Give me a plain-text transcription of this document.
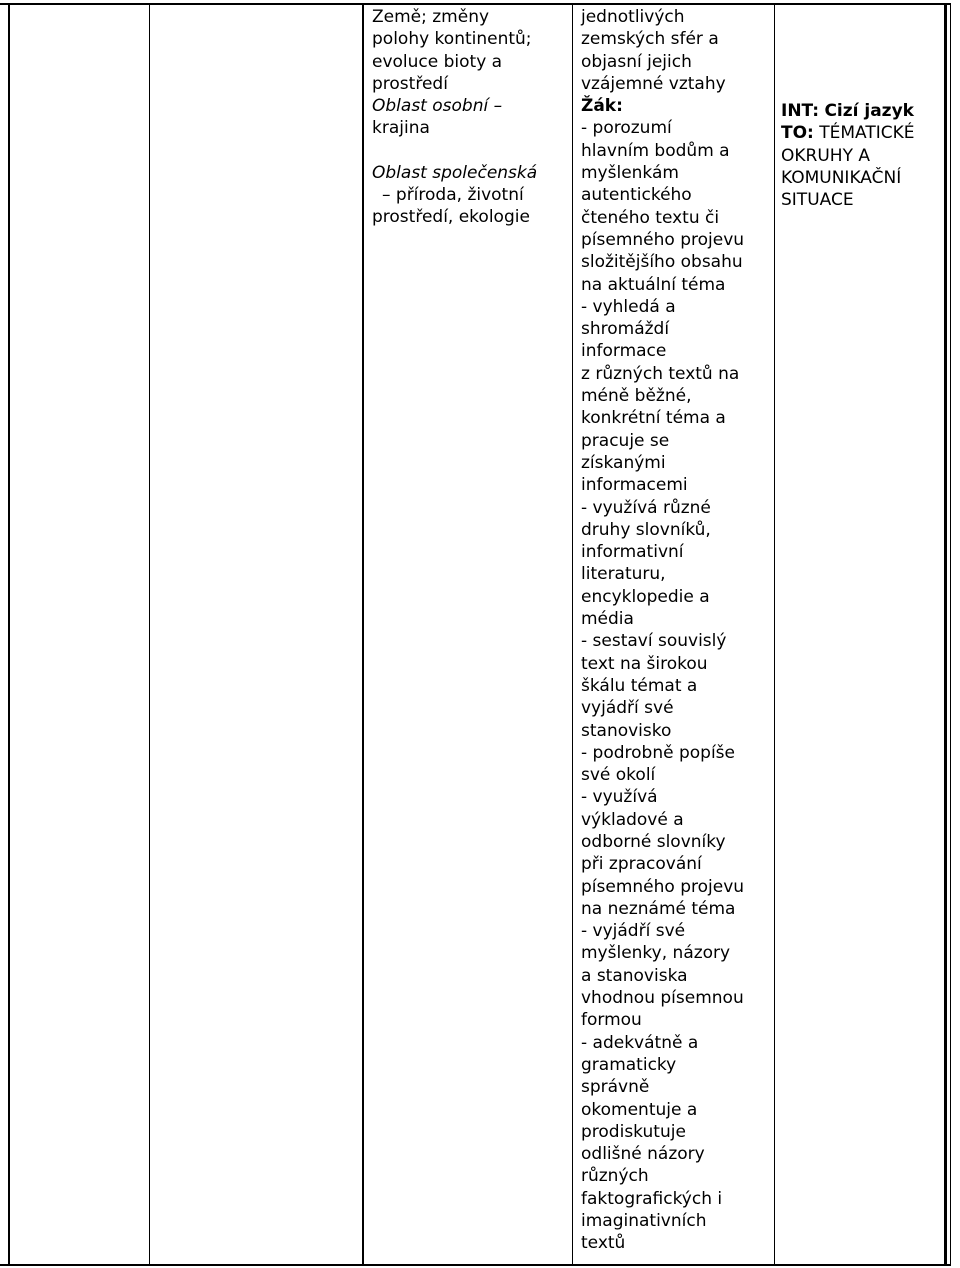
Země; změny
polohy kontinentů;
evoluce bioty a
prostředí
Oblast osobní –
krajina
Oblast společenská
– příroda, životní
prostředí, ekologie
jednotlivých
zemských sfér a
objasní jejich
vzájemné vztahy
Žák:
- porozumí
hlavním bodům a
myšlenkám
autentického
čteného textu či
písemného projevu
složitějšího obsahu
na aktuální téma
- vyhledá a
shromáždí
informace
z různých textů na
méně běžné,
konkrétní téma a
pracuje se
získanými
informacemi
- využívá různé
druhy slovníků,
informativní
literaturu,
encyklopedie a
média
- sestaví souvislý
text na širokou
škálu témat a
vyjádří své
stanovisko
- podrobně popíše
své okolí
- využívá
výkladové a
odborné slovníky
při zpracování
písemného projevu
na neznámé téma
- vyjádří své
myšlenky, názory
a stanoviska
vhodnou písemnou
formou
- adekvátně a
gramaticky
správně
okomentuje a
prodiskutuje
odlišné názory
různých
faktografických i
imaginativních
textů
INT: Cizí jazyk
TO: TÉMATICKÉ
OKRUHY A
KOMUNIKAČNÍ
SITUACE
